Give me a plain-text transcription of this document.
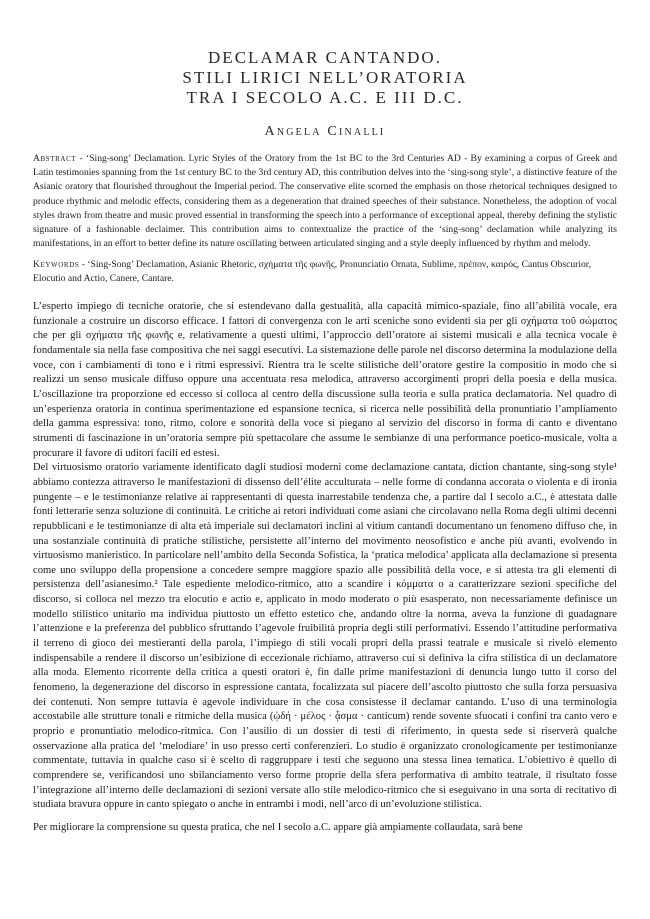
DECLAMAR CANTANDO.
STILI LIRICI NELL’ORATORIA
TRA I SECOLO A.C. E III D.C.
Angela Cinalli
Abstract - ‘Sing-song’ Declamation. Lyric Styles of the Oratory from the 1st BC to the 3rd Centuries AD - By examining a corpus of Greek and Latin testimonies spanning from the 1st century BC to the 3rd century AD, this contribution delves into the ‘sing-song style’, a distinctive feature of the Asianic oratory that flourished throughout the Imperial period. The conservative elite scorned the emphasis on those rhetorical techniques designed to produce rhythmic and melodic effects, considering them as a degeneration that drained speeches of their substance. Nonetheless, the adoption of vocal styles drawn from theatre and music proved essential in transforming the speech into a performance of exceptional appeal, thereby defining the stylistic signature of a fashionable declaimer. This contribution aims to contextualize the practice of the ‘sing-song’ declamation while analyzing its manifestations, in an effort to better define its nature oscillating between articulated singing and a style deeply influenced by rhythm and melody.
Keywords - ‘Sing-Song’ Declamation, Asianic Rhetoric, σχήματα τῆς φωνῆς, Pronunciatio Ornata, Sublime, πρέπον, καιρός, Cantus Obscurior, Elocutio and Actio, Canere, Cantare.

L’esperto impiego di tecniche oratorie, che si estendevano dalla gestualità, alla capacità mimico-spaziale, fino all’abilità vocale, era funzionale a costruire un discorso efficace. I fattori di convergenza con le arti sceniche sono evidenti sia per gli σχήματα τοῦ σώματος che per gli σχήματα τῆς φωνῆς e, relativamente a questi ultimi, l’approccio dell’oratore ai sistemi musicali e alla tecnica vocale è fondamentale sia nella fase compositiva che nei saggi esecutivi. La sistemazione delle parole nel discorso determina la modulazione della voce, con i cambiamenti di tono e i ritmi espressivi. Rientra tra le scelte stilistiche dell’oratore gestire la compositio in modo che si realizzi un senso musicale diffuso oppure una accentuata resa melodica, attraverso accorgimenti propri della poesia e della musica. L’oscillazione tra proporzione ed eccesso si colloca al centro della discussione sulla teoria e sulla pratica declamatoria. Nel quadro di un’esperienza oratoria in continua sperimentazione ed espansione tecnica, si ricerca nelle possibilità della pronuntiatio l’ampliamento della gamma espressiva: tono, ritmo, colore e sonorità della voce si piegano al servizio del discorso in forma di canto e diventano strumenti di fascinazione in un’oratoria sempre più spettacolare che assume le sembianze di una performance poetico-musicale, volta a procurare il favore di uditori facili ed estesi.

Del virtuosismo oratorio variamente identificato dagli studiosi moderni come declamazione cantata, diction chantante, sing-song style¹ abbiamo contezza attraverso le manifestazioni di dissenso dell’élite acculturata – nelle forme di condanna accorata o violenta e di ironia pungente – e le testimonianze relative ai rappresentanti di questa inarrestabile tendenza che, a partire dal I secolo a.C., è attestata dalle fonti letterarie senza soluzione di continuità. Le critiche ai retori individuati come asiani che circolavano nella Roma degli ultimi decenni repubblicani e le testimonianze di alta età imperiale sui declamatori inclini al vitium cantandi documentano un fenomeno diffuso che, in una sostanziale continuità di pratiche stilistiche, persistette all’interno del movimento neosofistico e anche più avanti, evolvendo in virtuosismo manieristico. In particolare nell’ambito della Seconda Sofistica, la ‘pratica melodica’ applicata alla declamazione si presenta come uno sviluppo della propensione a concedere sempre maggiore spazio alle possibilità della voce, e si attesta tra gli elementi di persistenza dell’asianesimo.² Tale espediente melodico-ritmico, atto a scandire i κόμματα o a caratterizzare sezioni specifiche del discorso, si colloca nel mezzo tra elocutio e actio e, applicato in modo moderato o più esasperato, non necessariamente definisce un modello stilistico unitario ma individua piuttosto un effetto estetico che, andando oltre la norma, aveva la funzione di guadagnare l’attenzione e la preferenza del pubblico sfruttando l’agevole fruibilità propria degli stili performativi. Essendo l’attitudine performativa il terreno di gioco dei mestieranti della parola, l’impiego di stili vocali propri della prassi teatrale e musicale si rivelò elemento indispensabile a rendere il discorso un’esibizione di eccezionale richiamo, attraverso cui si definiva la cifra stilistica di un declamatore alla moda. Elemento ricorrente della critica a questi oratori è, fin dalle prime manifestazioni di denuncia lungo tutto il corso del fenomeno, la degenerazione del discorso in espressione cantata, focalizzata sul piacere dell’ascolto piuttosto che sulla forza persuasiva dei contenuti. Non sempre tuttavia è agevole individuare in che cosa consistesse il declamar cantando. L’uso di una terminologia accostabile alle strutture tonali e ritmiche della musica (ᾠδή · μέλος · ᾆσμα · canticum) rende sovente sfuocati i confini tra canto vero e proprio e pronuntiatio melodico-ritmica. Con l’ausilio di un dossier di testi di riferimento, in questa sede si riserverà qualche osservazione alla pratica del ‘melodiare’ in uso presso certi conferenzieri. Lo studio è organizzato cronologicamente per testimonianze commentate, tuttavia in qualche caso si è scelto di raggruppare i testi che seguono una stessa linea tematica. L’obiettivo è quello di comprendere se, verificandosi uno sbilanciamento verso forme proprie della sfera performativa di ambito teatrale, il risultato fosse l’integrazione all’interno delle declamazioni di sezioni versate allo stile melodico-ritmico che si eseguivano in una sorta di recitativo di studiata bravura oppure in canto spiegato o anche in entrambi i modi, nell’arco di un’evoluzione stilistica.

Per migliorare la comprensione su questa pratica, che nel I secolo a.C. appare già ampiamente collaudata, sarà bene
